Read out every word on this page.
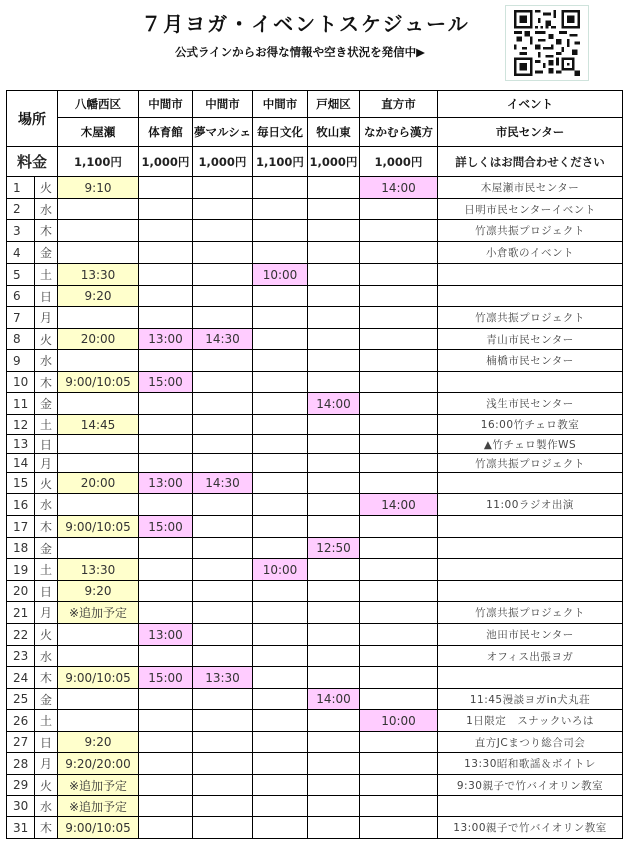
７月ヨガ・イベントスケジュール
公式ラインからお得な情報や空き状況を発信中▶
場所		八幡西区	中間市	中間市	中間市	戸畑区	直方市	イベント
		木屋瀬	体育館	夢マルシェ	毎日文化	牧山東	なかむら漢方	市民センター
料金		1,100円	1,000円	1,000円	1,100円	1,000円	1,000円	詳しくはお問合わせください
1	火	9:10					14:00	木屋瀬市民センター
2	水							日明市民センターイベント
3	木							竹凛共振プロジェクト
4	金							小倉歌のイベント
5	土	13:30			10:00			
6	日	9:20						
7	月							竹凛共振プロジェクト
8	火	20:00	13:00	14:30				青山市民センター
9	水							楠橋市民センター
10	木	9:00/10:05	15:00					
11	金					14:00		浅生市民センター
12	土	14:45						16:00竹チェロ教室
13	日							▲竹チェロ製作WS
14	月							竹凛共振プロジェクト
15	火	20:00	13:00	14:30				
16	水						14:00	11:00ラジオ出演
17	木	9:00/10:05	15:00					
18	金					12:50		
19	土	13:30			10:00			
20	日	9:20						
21	月	※追加予定						竹凛共振プロジェクト
22	火		13:00					池田市民センター
23	水							オフィス出張ヨガ
24	木	9:00/10:05	15:00	13:30				
25	金					14:00		11:45漫談ヨガin犬丸荘
26	土						10:00	1日限定　スナックいろは
27	日	9:20						直方JCまつり総合司会
28	月	9:20/20:00						13:30昭和歌謡＆ボイトレ
29	火	※追加予定						9:30親子で竹バイオリン教室
30	水	※追加予定						
31	木	9:00/10:05						13:00親子で竹バイオリン教室
